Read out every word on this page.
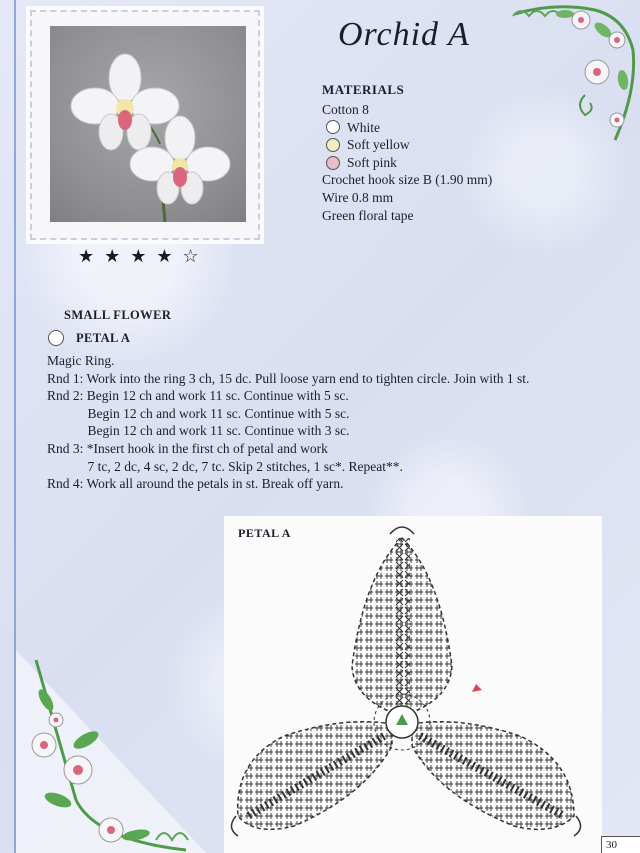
★★★★☆
Orchid A
MATERIALS
Cotton 8
White
Soft yellow
Soft pink
Crochet hook size B (1.90 mm)
Wire 0.8 mm
Green floral tape
SMALL FLOWER
PETAL A
Magic Ring.
Rnd 1: Work into the ring 3 ch, 15 dc. Pull loose yarn end to tighten circle. Join with 1 st.
Rnd 2: Begin 12 ch and work 11 sc. Continue with 5 sc.
Begin 12 ch and work 11 sc. Continue with 5 sc.
Begin 12 ch and work 11 sc. Continue with 3 sc.
Rnd 3: *Insert hook in the first ch of petal and work
7 tc, 2 dc, 4 sc, 2 dc, 7 tc. Skip 2 stitches, 1 sc*. Repeat**.
Rnd 4: Work all around the petals in st. Break off yarn.
PETAL A
30
